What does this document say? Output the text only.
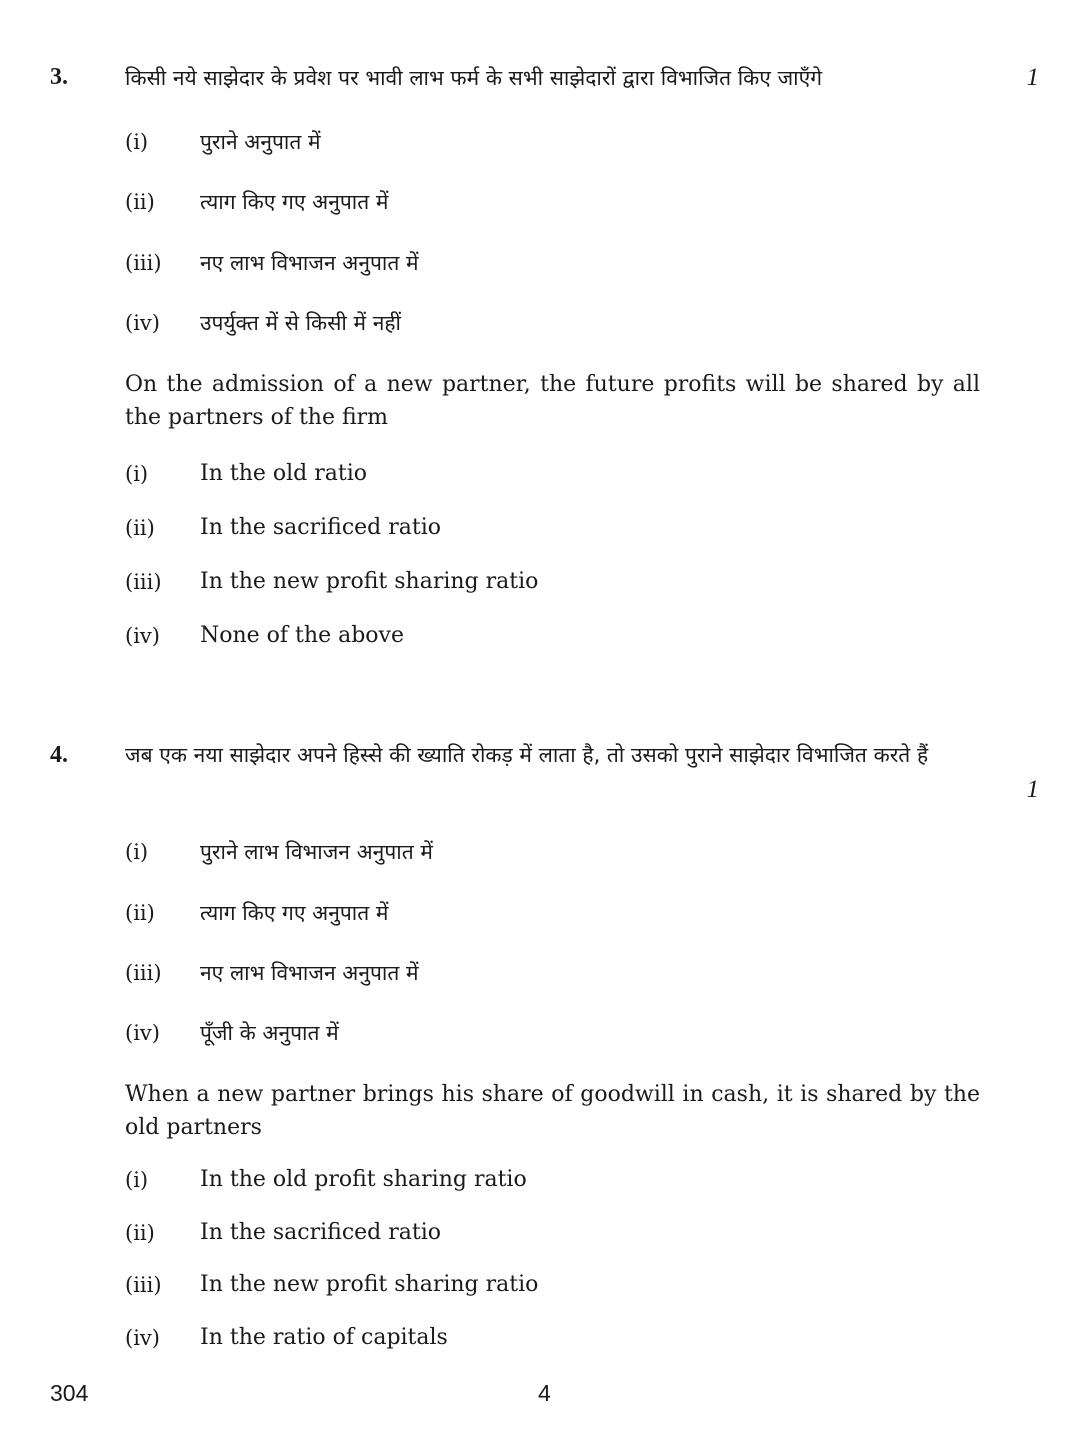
3.	किसी नये साझेदार के प्रवेश पर भावी लाभ फर्म के सभी साझेदारों द्वारा विभाजित किए जाएँगे	1
(i) पुराने अनुपात में
(ii) त्याग किए गए अनुपात में
(iii) नए लाभ विभाजन अनुपात में
(iv) उपर्युक्त में से किसी में नहीं
On the admission of a new partner, the future profits will be shared by all the partners of the firm
(i) In the old ratio
(ii) In the sacrificed ratio
(iii) In the new profit sharing ratio
(iv) None of the above
4.	जब एक नया साझेदार अपने हिस्से की ख्याति रोकड़ में लाता है, तो उसको पुराने साझेदार विभाजित करते हैं
1
(i) पुराने लाभ विभाजन अनुपात में
(ii) त्याग किए गए अनुपात में
(iii) नए लाभ विभाजन अनुपात में
(iv) पूँजी के अनुपात में
When a new partner brings his share of goodwill in cash, it is shared by the old partners
(i) In the old profit sharing ratio
(ii) In the sacrificed ratio
(iii) In the new profit sharing ratio
(iv) In the ratio of capitals
304	4
